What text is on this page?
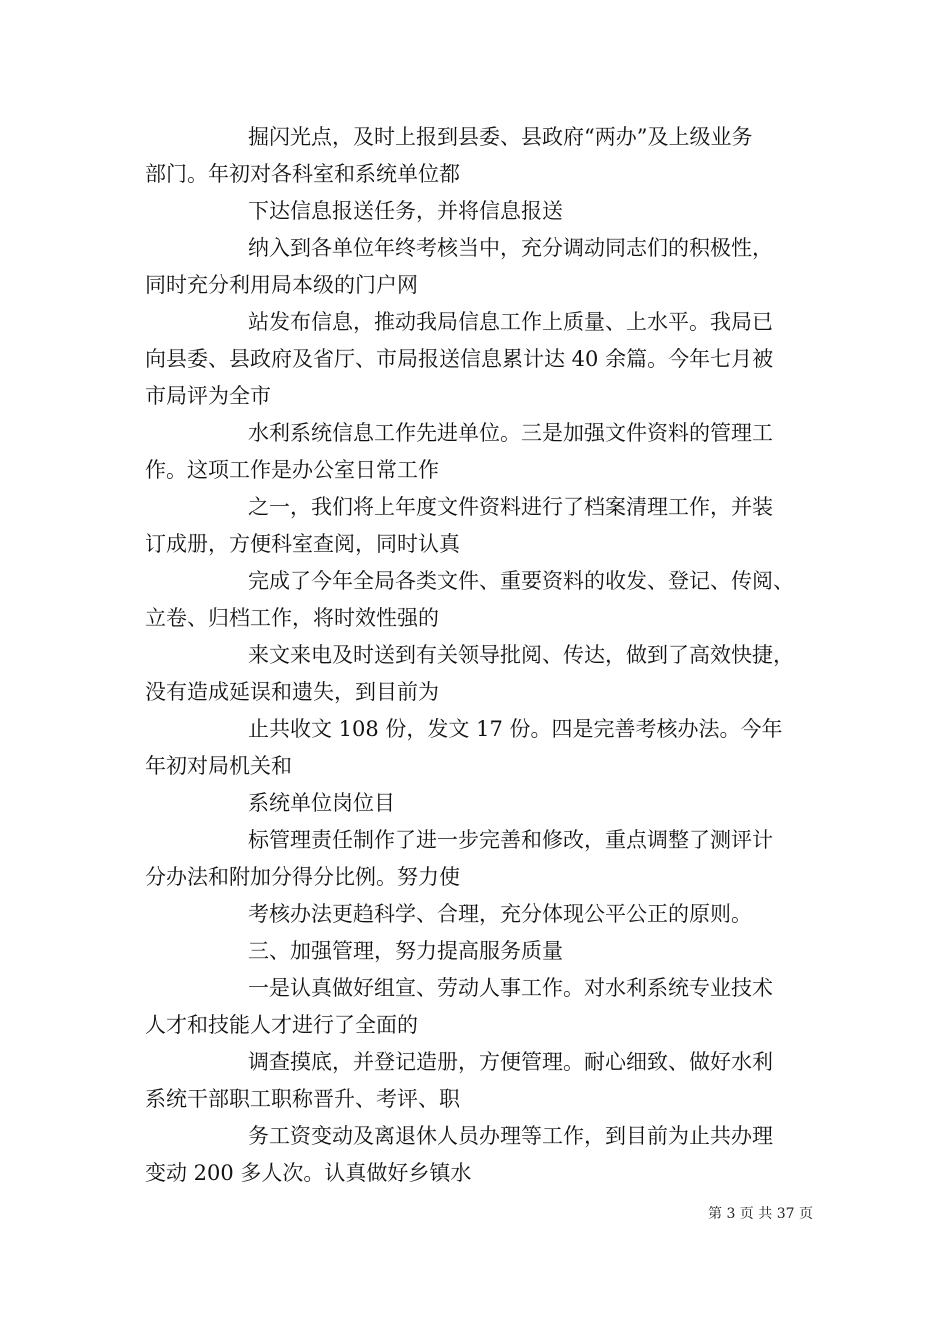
掘闪光点，及时上报到县委、县政府“两办”及上级业务
部门。年初对各科室和系统单位都
下达信息报送任务，并将信息报送
纳入到各单位年终考核当中，充分调动同志们的积极性，
同时充分利用局本级的门户网
站发布信息，推动我局信息工作上质量、上水平。我局已
向县委、县政府及省厅、市局报送信息累计达 40 余篇。今年七月被
市局评为全市
水利系统信息工作先进单位。三是加强文件资料的管理工
作。这项工作是办公室日常工作
之一，我们将上年度文件资料进行了档案清理工作，并装
订成册，方便科室查阅，同时认真
完成了今年全局各类文件、重要资料的收发、登记、传阅、
立卷、归档工作，将时效性强的
来文来电及时送到有关领导批阅、传达，做到了高效快捷，
没有造成延误和遗失，到目前为
止共收文 108 份，发文 17 份。四是完善考核办法。今年
年初对局机关和
系统单位岗位目
标管理责任制作了进一步完善和修改，重点调整了测评计
分办法和附加分得分比例。努力使
考核办法更趋科学、合理，充分体现公平公正的原则。
三、加强管理，努力提高服务质量
一是认真做好组宣、劳动人事工作。对水利系统专业技术
人才和技能人才进行了全面的
调查摸底，并登记造册，方便管理。耐心细致、做好水利
系统干部职工职称晋升、考评、职
务工资变动及离退休人员办理等工作，到目前为止共办理
变动 200 多人次。认真做好乡镇水
第 3 页 共 37 页
